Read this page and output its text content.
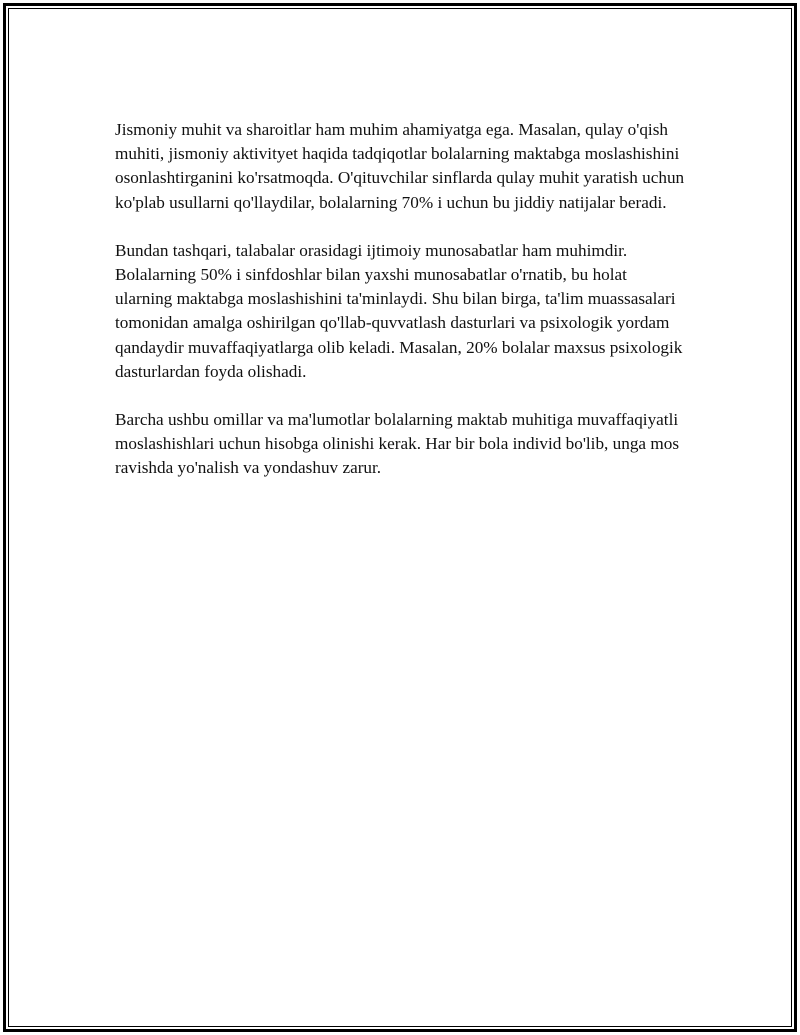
Jismoniy muhit va sharoitlar ham muhim ahamiyatga ega. Masalan, qulay o'qish muhiti, jismoniy aktivityet haqida tadqiqotlar bolalarning maktabga moslashishini osonlashtirganini ko'rsatmoqda. O'qituvchilar sinflarda qulay muhit yaratish uchun ko'plab usullarni qo'llaydilar, bolalarning 70% i uchun bu jiddiy natijalar beradi.

Bundan tashqari, talabalar orasidagi ijtimoiy munosabatlar ham muhimdir. Bolalarning 50% i sinfdoshlar bilan yaxshi munosabatlar o'rnatib, bu holat ularning maktabga moslashishini ta'minlaydi. Shu bilan birga, ta'lim muassasalari tomonidan amalga oshirilgan qo'llab-quvvatlash dasturlari va psixologik yordam qandaydir muvaffaqiyatlarga olib keladi. Masalan, 20% bolalar maxsus psixologik dasturlardan foyda olishadi.

Barcha ushbu omillar va ma'lumotlar bolalarning maktab muhitiga muvaffaqiyatli moslashishlari uchun hisobga olinishi kerak. Har bir bola individ bo'lib, unga mos ravishda yo'nalish va yondashuv zarur.
